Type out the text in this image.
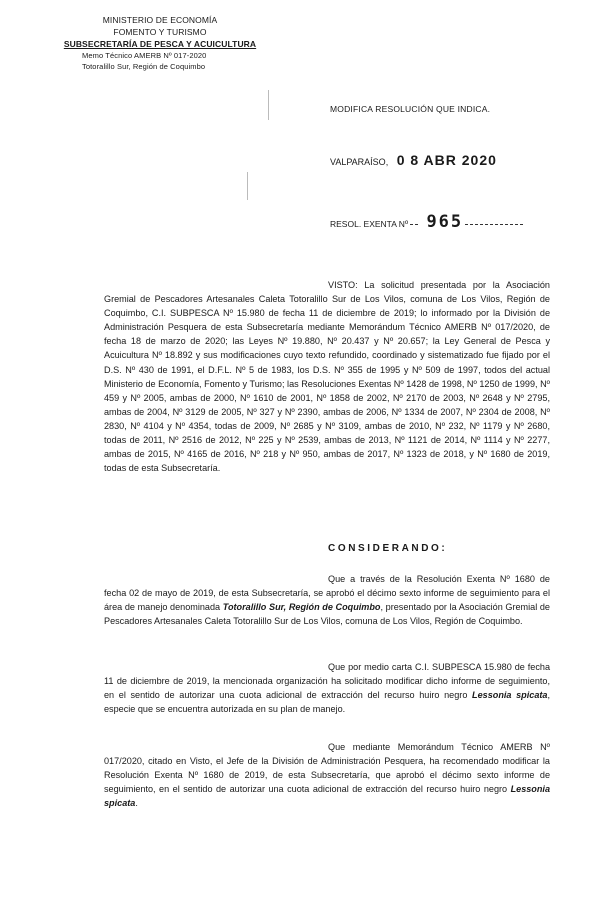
MINISTERIO DE ECONOMÍA
FOMENTO Y TURISMO
SUBSECRETARÍA DE PESCA Y ACUICULTURA
Memo Técnico AMERB Nº 017-2020
Totoralillo Sur, Región de Coquimbo
MODIFICA RESOLUCIÓN QUE INDICA.
VALPARAÍSO, 0 8 ABR 2020
RESOL. EXENTA Nº 965
VISTO: La solicitud presentada por la Asociación Gremial de Pescadores Artesanales Caleta Totoralillo Sur de Los Vilos, comuna de Los Vilos, Región de Coquimbo, C.I. SUBPESCA Nº 15.980 de fecha 11 de diciembre de 2019; lo informado por la División de Administración Pesquera de esta Subsecretaría mediante Memorándum Técnico AMERB Nº 017/2020, de fecha 18 de marzo de 2020; las Leyes Nº 19.880, Nº 20.437 y Nº 20.657; la Ley General de Pesca y Acuicultura Nº 18.892 y sus modificaciones cuyo texto refundido, coordinado y sistematizado fue fijado por el D.S. Nº 430 de 1991, el D.F.L. Nº 5 de 1983, los D.S. Nº 355 de 1995 y Nº 509 de 1997, todos del actual Ministerio de Economía, Fomento y Turismo; las Resoluciones Exentas Nº 1428 de 1998, Nº 1250 de 1999, Nº 459 y Nº 2005, ambas de 2000, Nº 1610 de 2001, Nº 1858 de 2002, Nº 2170 de 2003, Nº 2648 y Nº 2795, ambas de 2004, Nº 3129 de 2005, Nº 327 y Nº 2390, ambas de 2006, Nº 1334 de 2007, Nº 2304 de 2008, Nº 2830, Nº 4104 y Nº 4354, todas de 2009, Nº 2685 y Nº 3109, ambas de 2010, Nº 232, Nº 1179 y Nº 2680, todas de 2011, Nº 2516 de 2012, Nº 225 y Nº 2539, ambas de 2013, Nº 1121 de 2014, Nº 1114 y Nº 2277, ambas de 2015, Nº 4165 de 2016, Nº 218 y Nº 950, ambas de 2017, Nº 1323 de 2018, y Nº 1680 de 2019, todas de esta Subsecretaría.
CONSIDERANDO:
Que a través de la Resolución Exenta Nº 1680 de fecha 02 de mayo de 2019, de esta Subsecretaría, se aprobó el décimo sexto informe de seguimiento para el área de manejo denominada Totoralillo Sur, Región de Coquimbo, presentado por la Asociación Gremial de Pescadores Artesanales Caleta Totoralillo Sur de Los Vilos, comuna de Los Vilos, Región de Coquimbo.
Que por medio carta C.I. SUBPESCA 15.980 de fecha 11 de diciembre de 2019, la mencionada organización ha solicitado modificar dicho informe de seguimiento, en el sentido de autorizar una cuota adicional de extracción del recurso huiro negro Lessonia spicata, especie que se encuentra autorizada en su plan de manejo.
Que mediante Memorándum Técnico AMERB Nº 017/2020, citado en Visto, el Jefe de la División de Administración Pesquera, ha recomendado modificar la Resolución Exenta Nº 1680 de 2019, de esta Subsecretaría, que aprobó el décimo sexto informe de seguimiento, en el sentido de autorizar una cuota adicional de extracción del recurso huiro negro Lessonia spicata.
